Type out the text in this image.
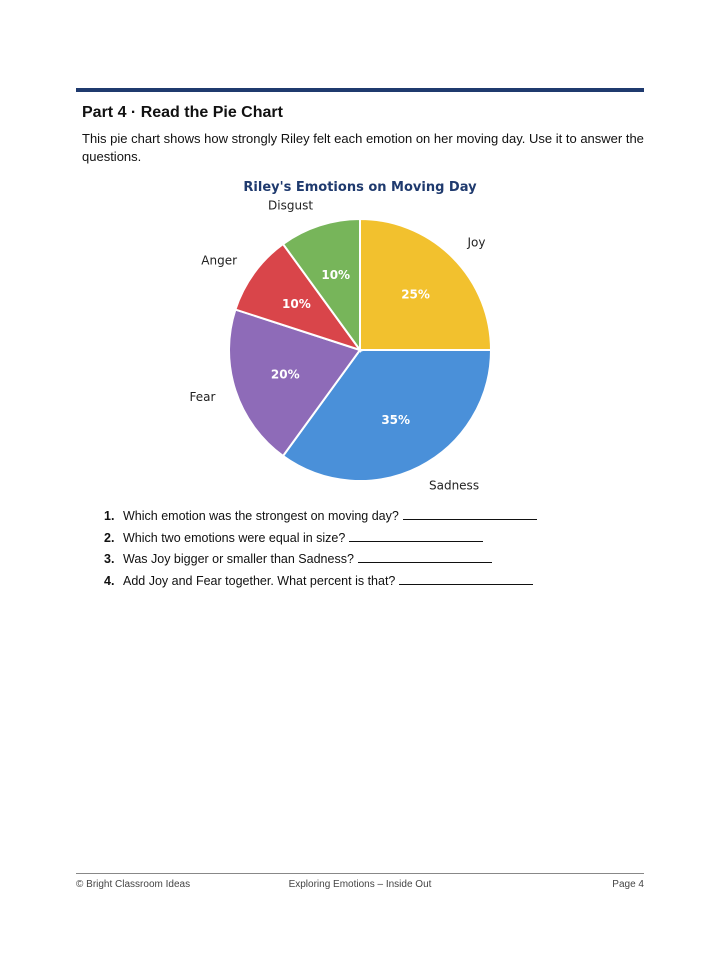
Part 4 · Read the Pie Chart
This pie chart shows how strongly Riley felt each emotion on her moving day. Use it to answer the questions.
Riley's Emotions on Moving Day
25%
Joy
35%
Sadness
20%
Fear
10%
Anger
10%
Disgust
1. Which emotion was the strongest on moving day?
2. Which two emotions were equal in size?
3. Was Joy bigger or smaller than Sadness?
4. Add Joy and Fear together. What percent is that?
© Bright Classroom Ideas	Exploring Emotions – Inside Out	Page 4
